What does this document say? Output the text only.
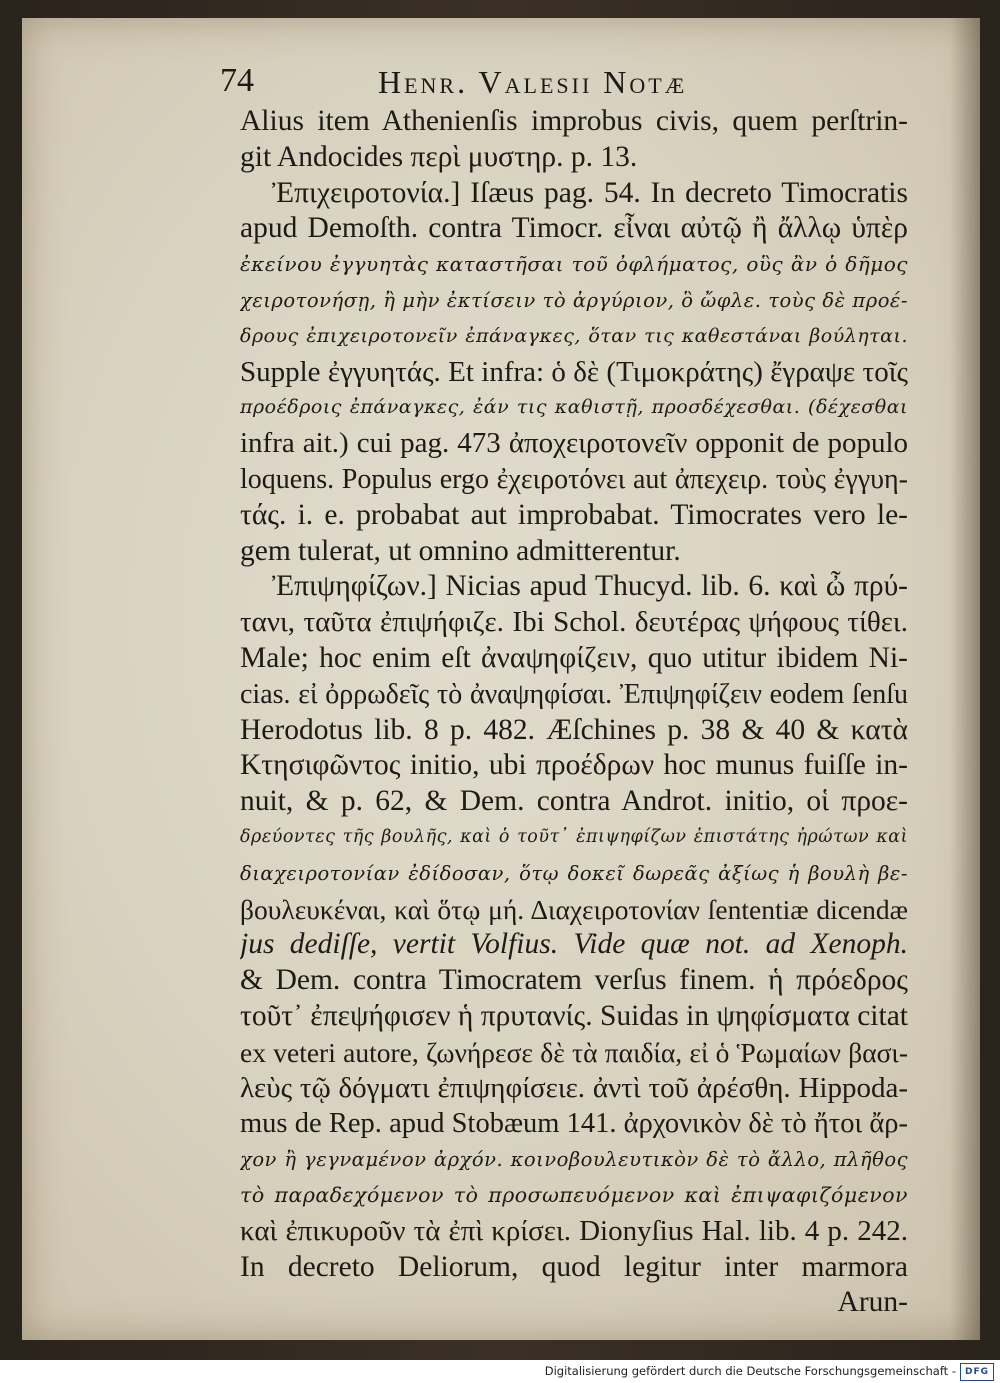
74	Henr. Valesii Notæ
Alius item Athenienſis improbus civis, quem perſtrin-
git Andocides περὶ μυστηρ. p. 13.
Ἐπιχειροτονία.] Iſæus pag. 54. In decreto Timocratis
apud Demoſth. contra Timocr. εἶναι αὐτῷ ἢ ἄλλῳ ὑπὲρ
ἐκείνου ἐγγυητὰς καταστῆσαι τοῦ ὀφλήματος, οὓς ἂν ὁ δῆμος
χειροτονήσῃ, ἢ μὴν ἐκτίσειν τὸ ἀργύριον, ὃ ὤφλε. τοὺς δὲ προέ-
δρους ἐπιχειροτονεῖν ἐπάναγκες, ὅταν τις καθεστάναι βούληται.
Supple ἐγγυητάς. Et infra: ὁ δὲ (Τιμοκράτης) ἔγραψε τοῖς
προέδροις ἐπάναγκες, ἐάν τις καθιστῇ, προσδέχεσθαι. (δέχεσθαι
infra ait.) cui pag. 473 ἀποχειροτονεῖν opponit de populo
loquens. Populus ergo ἐχειροτόνει aut ἀπεχειρ. τοὺς ἐγγυη-
τάς. i. e. probabat aut improbabat. Timocrates vero le-
gem tulerat, ut omnino admitterentur.
Ἐπιψηφίζων.] Nicias apud Thucyd. lib. 6. καὶ ὦ πρύ-
τανι, ταῦτα ἐπιψήφιζε. Ibi Schol. δευτέρας ψήφους τίθει.
Male; hoc enim eſt ἀναψηφίζειν, quo utitur ibidem Ni-
cias. εἰ ὀρρωδεῖς τὸ ἀναψηφίσαι. Ἐπιψηφίζειν eodem ſenſu
Herodotus lib. 8 p. 482. Æſchines p. 38 & 40 & κατὰ
Κτησιφῶντος initio, ubi προέδρων hoc munus fuiſſe in-
nuit, & p. 62, & Dem. contra Androt. initio, οἱ προε-
δρεύοντες τῆς βουλῆς, καὶ ὁ τοῦτ᾽ ἐπιψηφίζων ἐπιστάτης ἠρώτων καὶ
διαχειροτονίαν ἐδίδοσαν, ὅτῳ δοκεῖ δωρεᾶς ἀξίως ἡ βουλὴ βε-
βουλευκέναι, καὶ ὅτῳ μή. Διαχειροτονίαν ſententiæ dicendæ
jus dediſſe, vertit Volfius. Vide quæ not. ad Xenoph.
& Dem. contra Timocratem verſus finem. ἡ πρόεδρος
τοῦτ᾽ ἐπεψήφισεν ἡ πρυτανίς. Suidas in ψηφίσματα citat
ex veteri autore, ζωνήρεσε δὲ τὰ παιδία, εἰ ὁ Ῥωμαίων βασι-
λεὺς τῷ δόγματι ἐπιψηφίσειε. ἀντὶ τοῦ ἀρέσθη. Hippoda-
mus de Rep. apud Stobæum 141. ἀρχονικὸν δὲ τὸ ἤτοι ἄρ-
χον ἢ γεγναμένον ἀρχόν. κοινοβουλευτικὸν δὲ τὸ ἄλλο, πλῆθος
τὸ παραδεχόμενον τὸ προσωπευόμενον καὶ ἐπιψαφιζόμενον
καὶ ἐπικυροῦν τὰ ἐπὶ κρίσει. Dionyſius Hal. lib. 4 p. 242.
In decreto Deliorum, quod legitur inter marmora
Arun-
Digitalisierung gefördert durch die Deutsche Forschungsgemeinschaft - DFG
